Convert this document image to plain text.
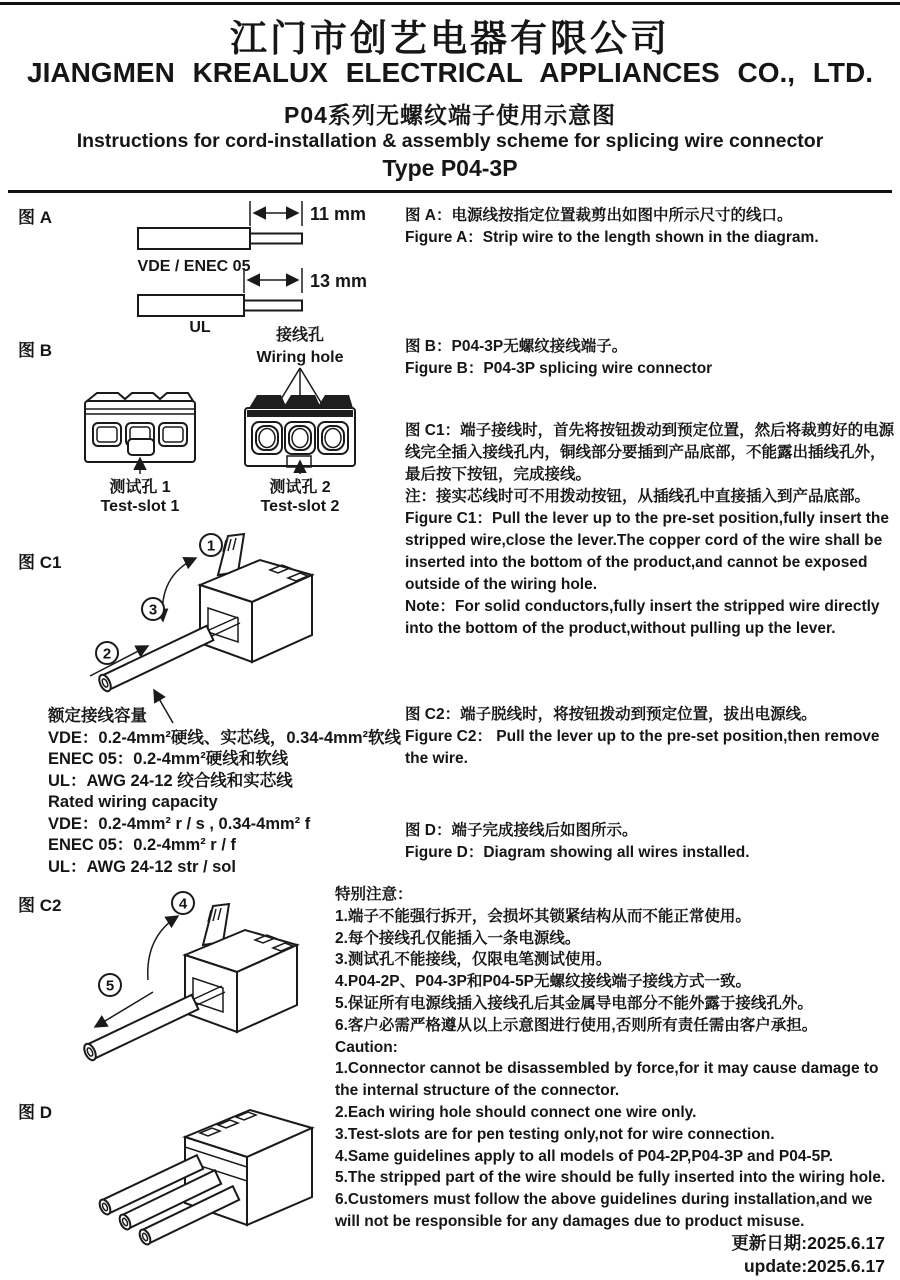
江门市创艺电器有限公司
JIANGMEN KREALUX ELECTRICAL APPLIANCES CO., LTD.
P04系列无螺纹端子使用示意图
Instructions for cord-installation & assembly scheme for splicing wire connector
Type P04-3P
图 A	11 mm
VDE / ENEC 05
13 mm
UL

图 A：电源线按指定位置裁剪出如图中所示尺寸的线口。

Figure A：Strip wire to the length shown in the diagram.

图 B
接线孔
Wiring hole
测试孔 1
Test-slot 1
测试孔 2
Test-slot 2

图 B：P04-3P无螺纹接线端子。

Figure B：P04-3P splicing wire connector

图 C1
1
3
2

图 C1：端子接线时，首先将按钮拨动到预定位置，然后将裁剪好的电源线完全插入接线孔内，铜线部分要插到产品底部，不能露出插线孔外，最后按下按钮，完成接线。

注：接实芯线时可不用拨动按钮，从插线孔中直接插入到产品底部。

Figure C1：Pull the lever up to the pre-set position,fully insert the stripped wire,close the lever.The copper cord of the wire shall be inserted into the bottom of the product,and cannot be exposed outside of the wiring hole.

Note：For solid conductors,fully insert the stripped wire directly into the bottom of the product,without pulling up the lever.

额定接线容量
VDE：0.2-4mm²硬线、实芯线，0.34-4mm²软线
ENEC 05：0.2-4mm²硬线和软线
UL：AWG 24-12 绞合线和实芯线
Rated wiring capacity
VDE：0.2-4mm² r / s , 0.34-4mm² f
ENEC 05：0.2-4mm² r / f
UL：AWG 24-12 str / sol

图 C2：端子脱线时，将按钮拨动到预定位置，拔出电源线。

Figure C2： Pull the lever up to the pre-set position,then remove the wire.

图 D：端子完成接线后如图所示。

Figure D：Diagram showing all wires installed.

图 C2	4
5

特别注意：

1.端子不能强行拆开，会损坏其锁紧结构从而不能正常使用。

2.每个接线孔仅能插入一条电源线。

3.测试孔不能接线，仅限电笔测试使用。

4.P04-2P、P04-3P和P04-5P无螺纹接线端子接线方式一致。

5.保证所有电源线插入接线孔后其金属导电部分不能外露于接线孔外。

6.客户必需严格遵从以上示意图进行使用,否则所有责任需由客户承担。

Caution:

1.Connector cannot be disassembled by force,for it may cause damage to the internal structure of the connector.

2.Each wiring hole should connect one wire only.

3.Test-slots are for pen testing only,not for wire connection.

4.Same guidelines apply to all models of P04-2P,P04-3P and P04-5P.

5.The stripped part of the wire should be fully inserted into the wiring hole.

6.Customers must follow the above guidelines during installation,and we will not be responsible for any damages due to product misuse.

图 D
更新日期:2025.6.17
update:2025.6.17
